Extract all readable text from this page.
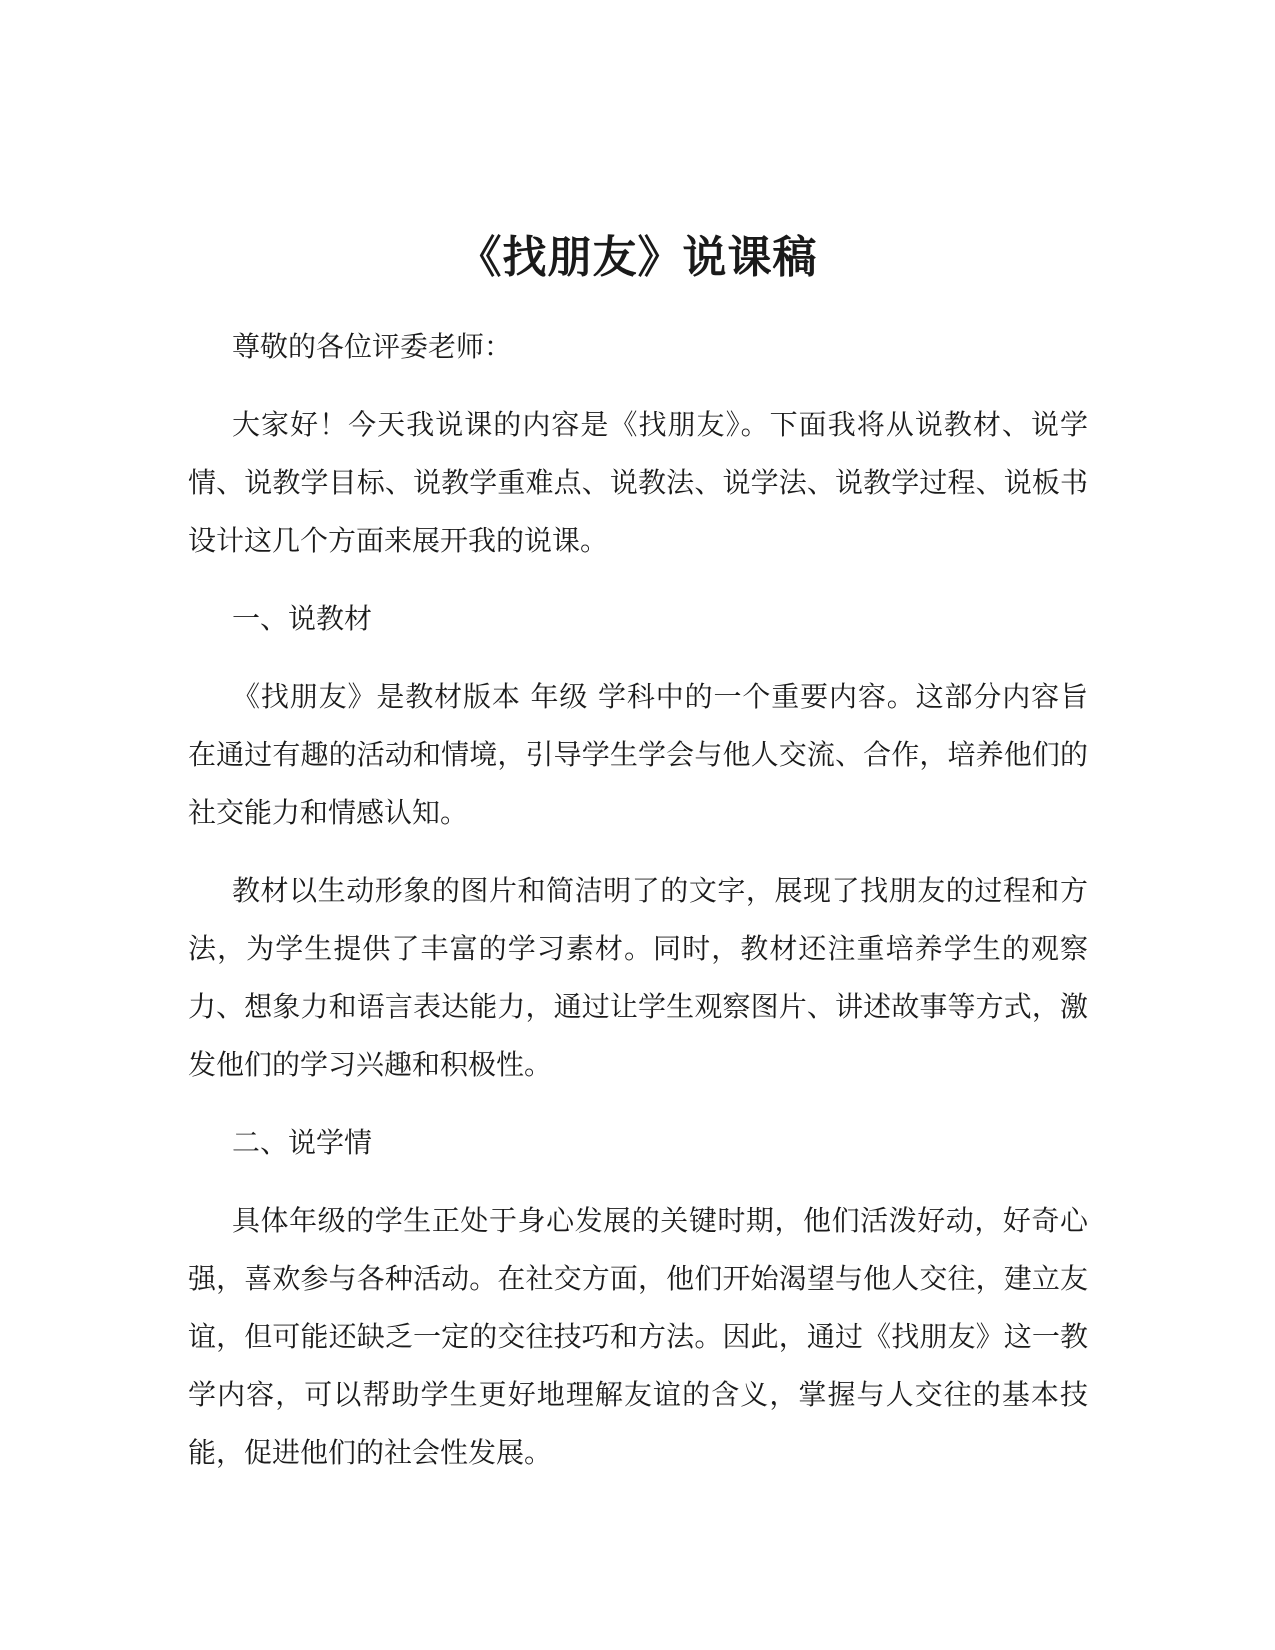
《找朋友》说课稿

尊敬的各位评委老师：

大家好！今天我说课的内容是《找朋友》。下面我将从说教材、说学情、说教学目标、说教学重难点、说教法、说学法、说教学过程、说板书设计这几个方面来展开我的说课。

一、说教材

《找朋友》是教材版本 年级 学科中的一个重要内容。这部分内容旨在通过有趣的活动和情境，引导学生学会与他人交流、合作，培养他们的社交能力和情感认知。

教材以生动形象的图片和简洁明了的文字，展现了找朋友的过程和方法，为学生提供了丰富的学习素材。同时，教材还注重培养学生的观察力、想象力和语言表达能力，通过让学生观察图片、讲述故事等方式，激发他们的学习兴趣和积极性。

二、说学情

具体年级的学生正处于身心发展的关键时期，他们活泼好动，好奇心强，喜欢参与各种活动。在社交方面，他们开始渴望与他人交往，建立友谊，但可能还缺乏一定的交往技巧和方法。因此，通过《找朋友》这一教学内容，可以帮助学生更好地理解友谊的含义，掌握与人交往的基本技能，促进他们的社会性发展。
